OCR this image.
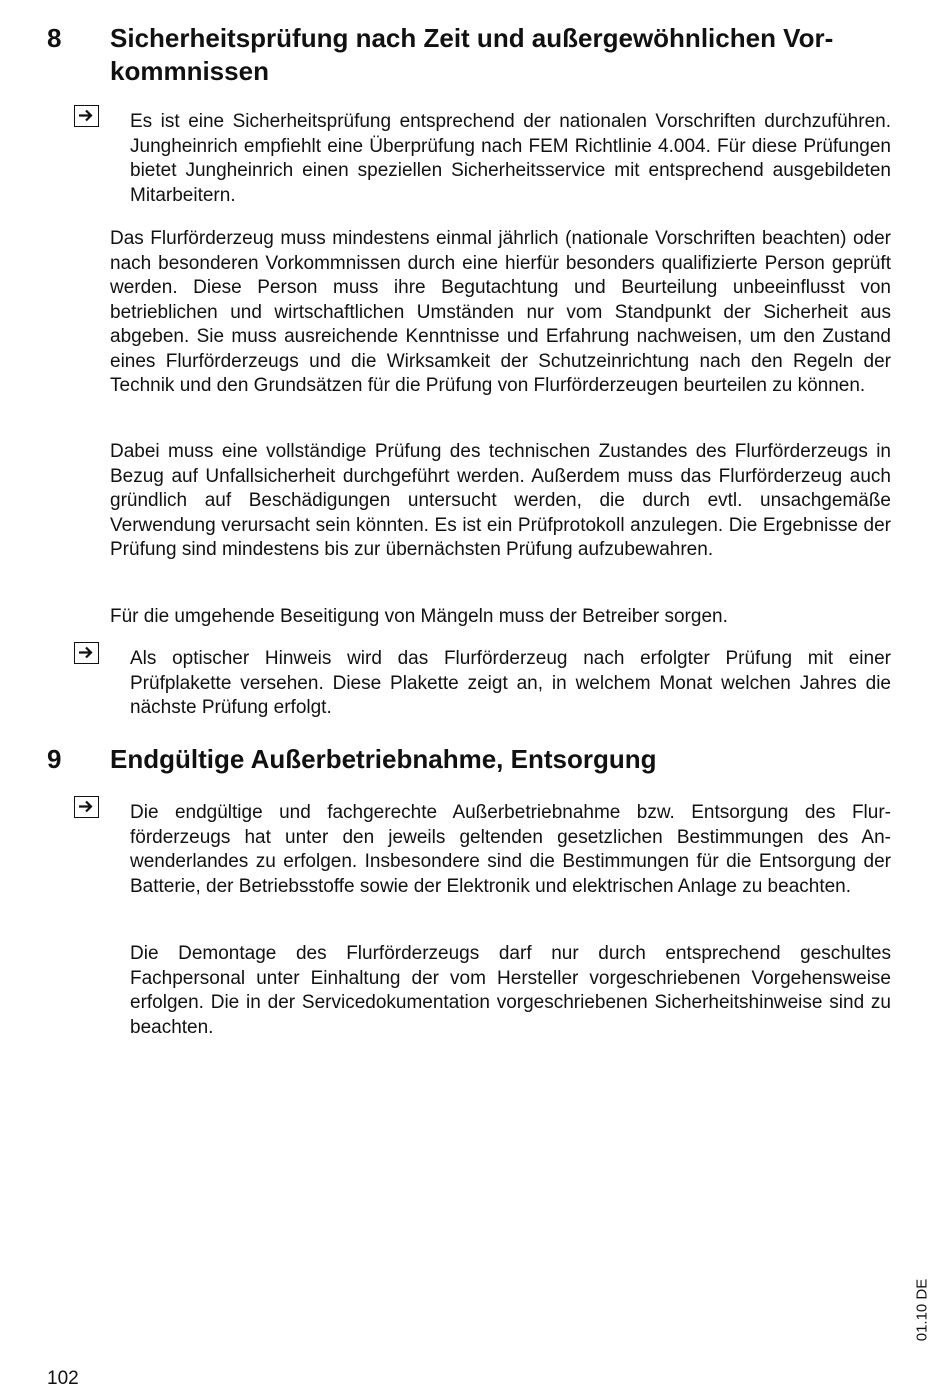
8 Sicherheitsprüfung nach Zeit und außergewöhnlichen Vorkommnissen
Es ist eine Sicherheitsprüfung entsprechend der nationalen Vorschriften durchzuführen. Jungheinrich empfiehlt eine Überprüfung nach FEM Richtlinie 4.004. Für diese Prüfungen bietet Jungheinrich einen speziellen Sicherheitsservice mit entsprechend ausgebildeten Mitarbeitern.
Das Flurförderzeug muss mindestens einmal jährlich (nationale Vorschriften beachten) oder nach besonderen Vorkommnissen durch eine hierfür besonders qualifizierte Person geprüft werden. Diese Person muss ihre Begutachtung und Beurteilung unbeeinflusst von betrieblichen und wirtschaftlichen Umständen nur vom Standpunkt der Sicherheit aus abgeben. Sie muss ausreichende Kenntnisse und Erfahrung nachweisen, um den Zustand eines Flurförderzeugs und die Wirksamkeit der Schutzeinrichtung nach den Regeln der Technik und den Grundsätzen für die Prüfung von Flurförderzeugen beurteilen zu können.
Dabei muss eine vollständige Prüfung des technischen Zustandes des Flurförderzeugs in Bezug auf Unfallsicherheit durchgeführt werden. Außerdem muss das Flurförderzeug auch gründlich auf Beschädigungen untersucht werden, die durch evtl. unsachgemäße Verwendung verursacht sein könnten. Es ist ein Prüfprotokoll anzulegen. Die Ergebnisse der Prüfung sind mindestens bis zur übernächsten Prüfung aufzubewahren.
Für die umgehende Beseitigung von Mängeln muss der Betreiber sorgen.
Als optischer Hinweis wird das Flurförderzeug nach erfolgter Prüfung mit einer Prüfplakette versehen. Diese Plakette zeigt an, in welchem Monat welchen Jahres die nächste Prüfung erfolgt.
9 Endgültige Außerbetriebnahme, Entsorgung
Die endgültige und fachgerechte Außerbetriebnahme bzw. Entsorgung des Flurförderzeugs hat unter den jeweils geltenden gesetzlichen Bestimmungen des Anwenderlandes zu erfolgen. Insbesondere sind die Bestimmungen für die Entsorgung der Batterie, der Betriebsstoffe sowie der Elektronik und elektrischen Anlage zu beachten.
Die Demontage des Flurförderzeugs darf nur durch entsprechend geschultes Fachpersonal unter Einhaltung der vom Hersteller vorgeschriebenen Vorgehensweise erfolgen. Die in der Servicedokumentation vorgeschriebenen Sicherheitshinweise sind zu beachten.
102
01.10 DE
